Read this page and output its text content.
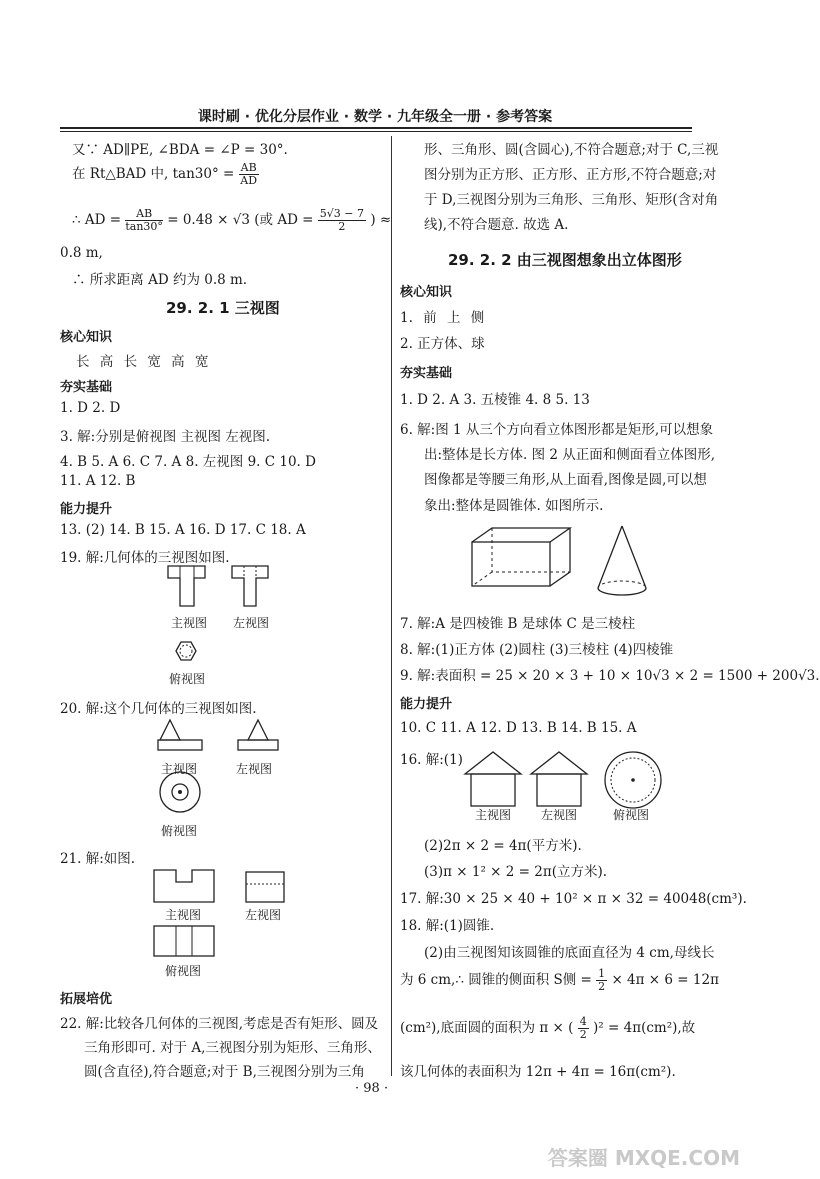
课时刷 · 优化分层作业 · 数学 · 九年级全一册 · 参考答案
又∵ AD∥PE, ∠BDA = ∠P = 30°.
在 Rt△BAD 中, $\tan 30^\circ = \frac{AB}{AD}$
∴ AD = $\frac{AB}{\tan 30^\circ} = 0.48 \times √3$ (或 AD = $\frac{5√3 - 7}{2}$ ) ≈
0.8 m,
∴ 所求距离 AD 约为 0.8 m.
29. 2. 1 三视图
核心知识
长 高 长 宽 高 宽
夯实基础
1. D 2. D
3. 解:分别是俯视图 主视图 左视图.
4. B 5. A 6. C 7. A 8. 左视图 9. C 10. D
11. A 12. B
能力提升
13. (2) 14. B 15. A 16. D 17. C 18. A
19. 解:几何体的三视图如图.
主视图 左视图
俯视图
20. 解:这个几何体的三视图如图.
主视图	左视图
俯视图
21. 解:如图.
主视图	左视图
俯视图
拓展培优
22. 解:比较各几何体的三视图,考虑是否有矩形、圆及
三角形即可. 对于 A,三视图分别为矩形、三角形、
圆(含直径),符合题意;对于 B,三视图分别为三角
形、三角形、圆(含圆心),不符合题意;对于 C,三视
图分别为正方形、正方形、正方形,不符合题意;对
于 D,三视图分别为三角形、三角形、矩形(含对角
线),不符合题意. 故选 A.
29. 2. 2 由三视图想象出立体图形
核心知识
1. 前 上 侧
2. 正方体、球
夯实基础
1. D 2. A 3. 五棱锥 4. 8 5. 13
6. 解:图 1 从三个方向看立体图形都是矩形,可以想象
出:整体是长方体. 图 2 从正面和侧面看立体图形,
图像都是等腰三角形,从上面看,图像是圆,可以想
象出:整体是圆锥体. 如图所示.
7. 解:A 是四棱锥 B 是球体 C 是三棱柱
8. 解:(1)正方体 (2)圆柱 (3)三棱柱 (4)四棱锥
9. 解:表面积 = 25 × 20 × 3 + 10 × 10√3 × 2 = 1500 + 200√3.
能力提升
10. C 11. A 12. D 13. B 14. B 15. A
16. 解:(1)
主视图 左视图	俯视图
(2)2π × 2 = 4π(平方米).
(3)π × 1² × 2 = 2π(立方米).
17. 解:30 × 25 × 40 + 10² × π × 32 = 40048(cm³).
18. 解:(1)圆锥.
(2)由三视图知该圆锥的底面直径为 4 cm,母线长
为 6 cm,∴ 圆锥的侧面积 S侧 = $\frac{1}{2} \times 4\pi \times 6 = 12\pi$
(cm²),底面圆的面积为 π × ( $\frac{4}{2} )^2 = 4\pi(cm^2)$,故
该几何体的表面积为 12π + 4π = 16π(cm²).
· 98 ·
答案圈 MXQE.COM
